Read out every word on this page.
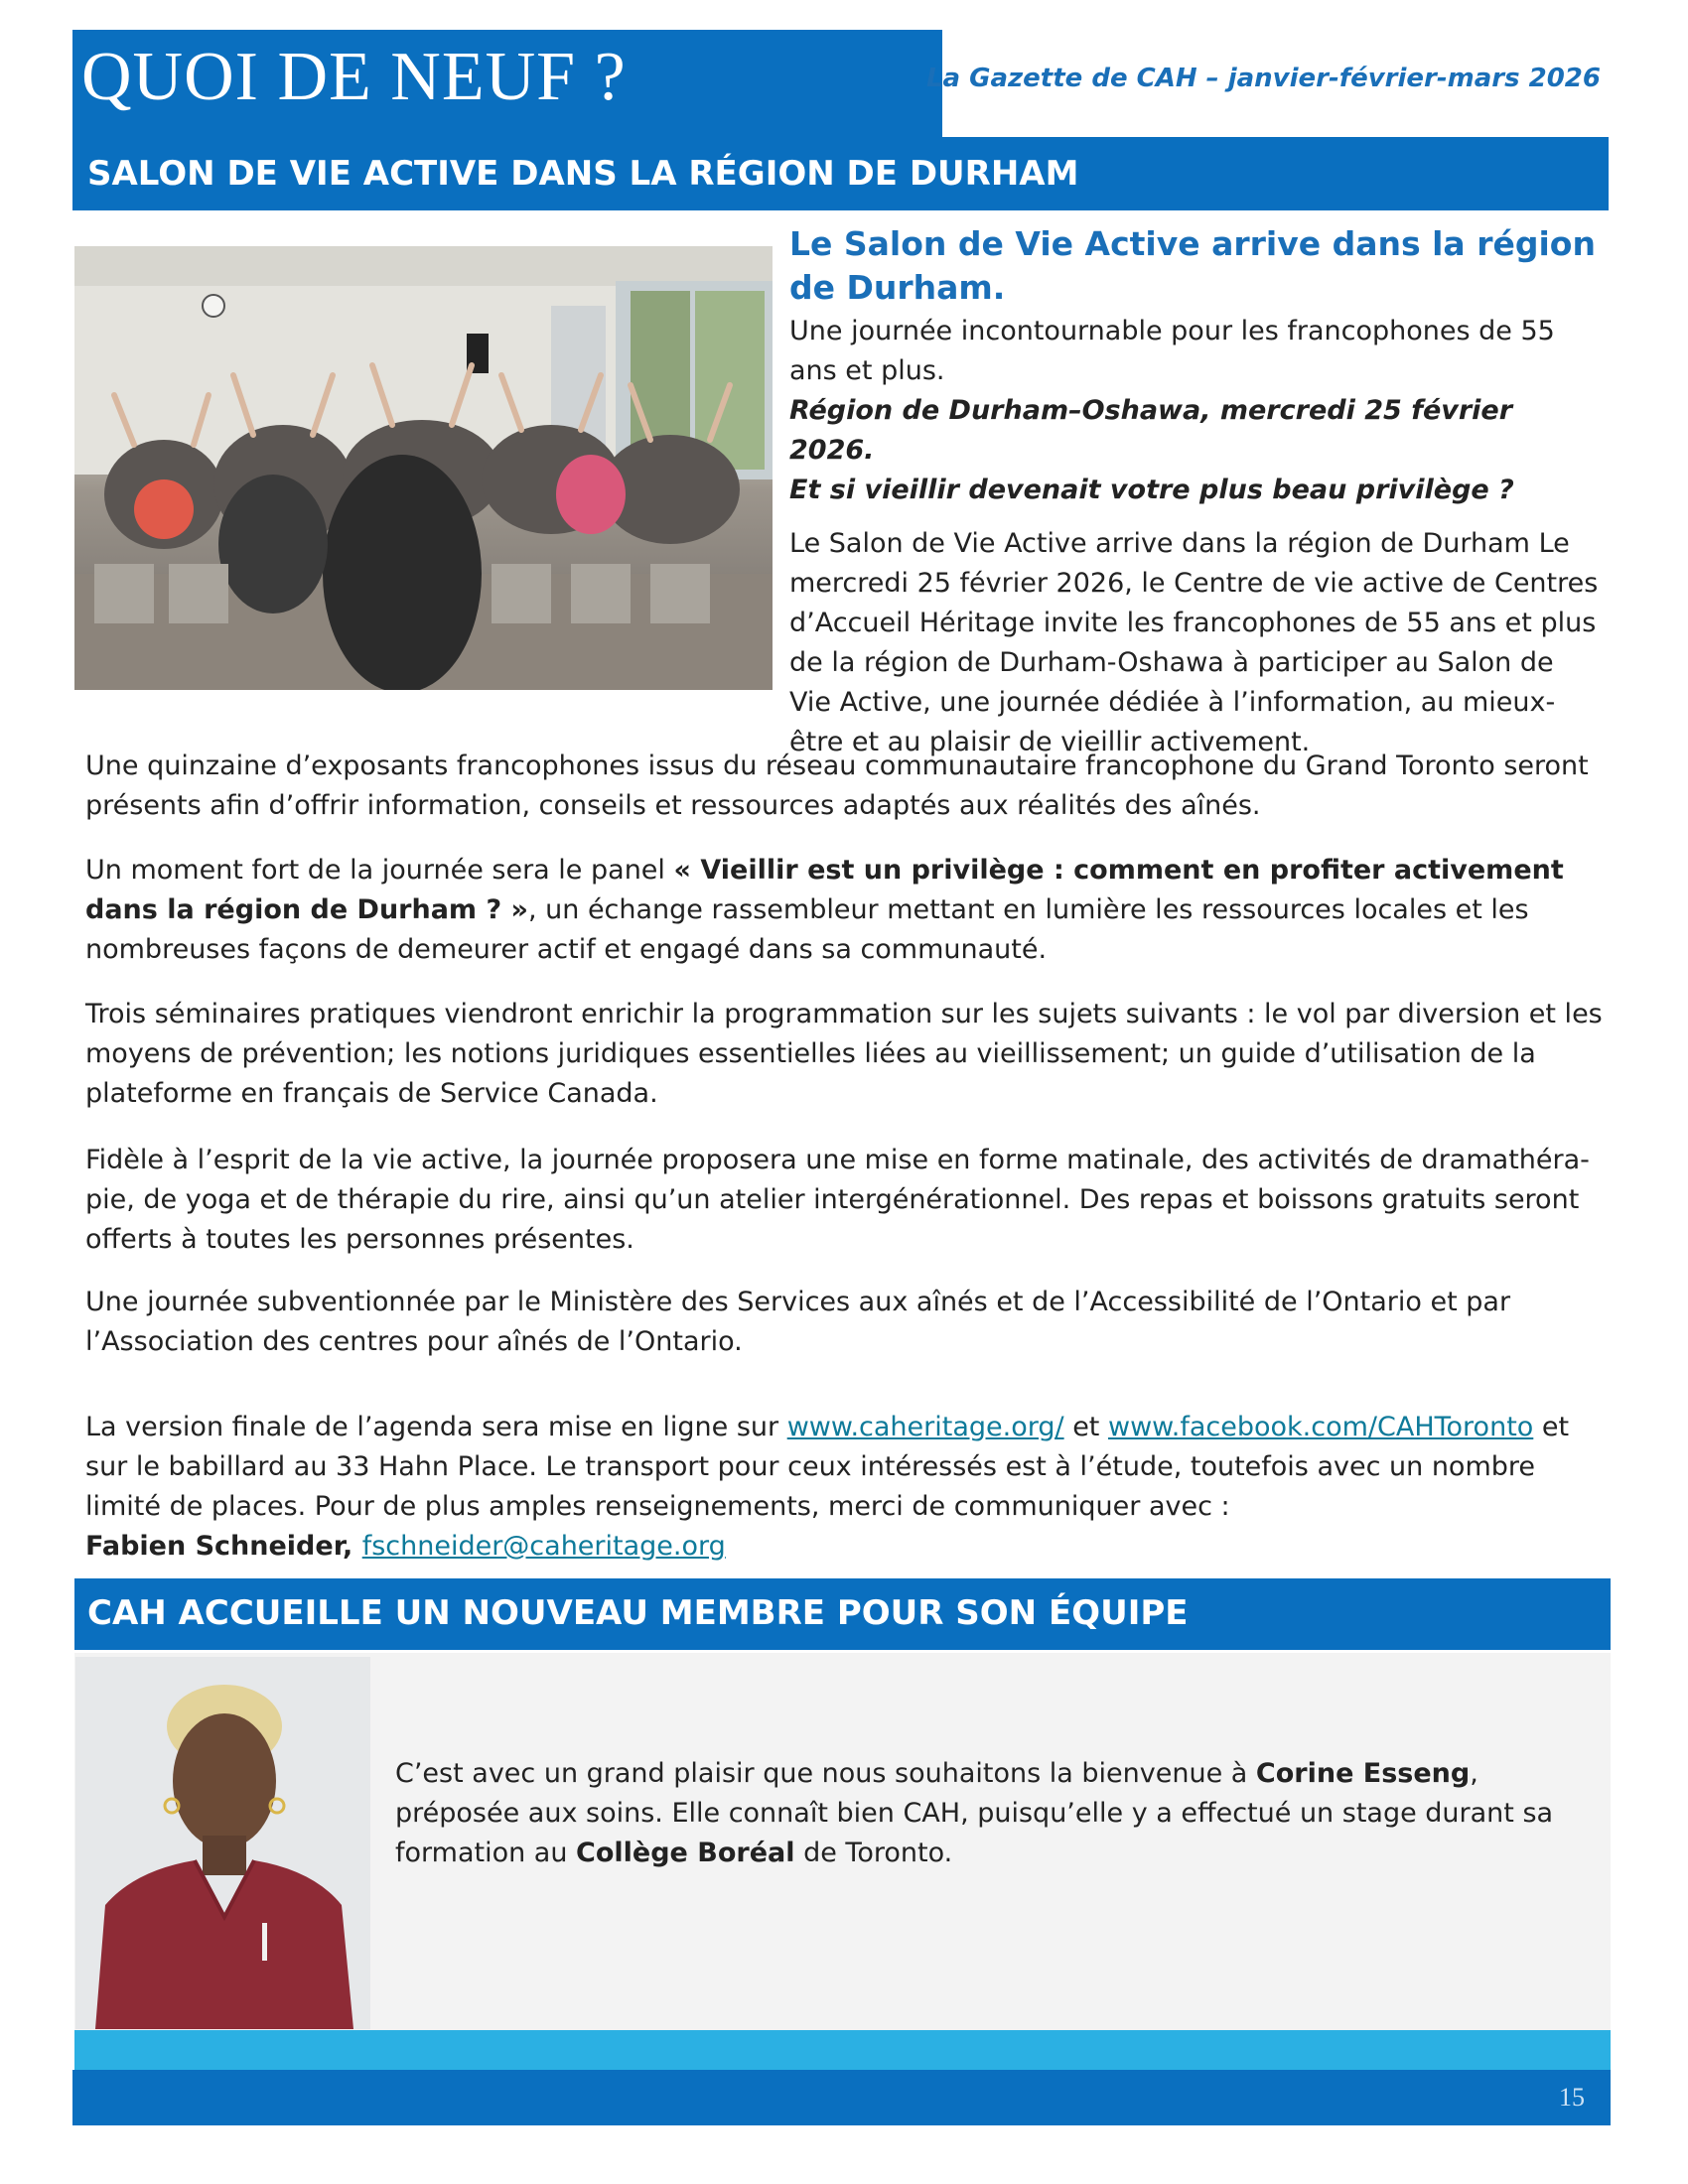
QUOI DE NEUF ?	La Gazette de CAH – janvier-février-mars 2026
SALON DE VIE ACTIVE DANS LA RÉGION DE DURHAM
Le Salon de Vie Active arrive dans la région de Durham.

Une journée incontournable pour les francophones de 55 ans et plus.

Région de Durham–Oshawa, mercredi 25 février 2026.

Et si vieillir devenait votre plus beau privilège ?

Le Salon de Vie Active arrive dans la région de Durham Le mercredi 25 février 2026, le Centre de vie active de Centres d’Accueil Héritage invite les francophones de 55 ans et plus de la région de Durham-Oshawa à participer au Salon de Vie Active, une journée dédiée à l’information, au mieux-être et au plaisir de vieillir activement.

Une quinzaine d’exposants francophones issus du réseau communautaire francophone du Grand Toronto seront présents afin d’offrir information, conseils et ressources adaptés aux réalités des aînés.

Un moment fort de la journée sera le panel « Vieillir est un privilège : comment en profiter activement dans la région de Durham ? », un échange rassembleur mettant en lumière les ressources locales et les nombreuses façons de demeurer actif et engagé dans sa communauté.

Trois séminaires pratiques viendront enrichir la programmation sur les sujets suivants : le vol par diversion et les moyens de prévention; les notions juridiques essentielles liées au vieillissement; un guide d’utilisation de la plateforme en français de Service Canada.

Fidèle à l’esprit de la vie active, la journée proposera une mise en forme matinale, des activités de dramathéra-pie, de yoga et de thérapie du rire, ainsi qu’un atelier intergénérationnel. Des repas et boissons gratuits seront offerts à toutes les personnes présentes.

Une journée subventionnée par le Ministère des Services aux aînés et de l’Accessibilité de l’Ontario et par l’Association des centres pour aînés de l’Ontario.

La version finale de l’agenda sera mise en ligne sur www.caheritage.org/ et www.facebook.com/CAHToronto et sur le babillard au 33 Hahn Place. Le transport pour ceux intéressés est à l’étude, toutefois avec un nombre limité de places. Pour de plus amples renseignements, merci de communiquer avec :

Fabien Schneider, fschneider@caheritage.org

CAH ACCUEILLE UN NOUVEAU MEMBRE POUR SON ÉQUIPE
C’est avec un grand plaisir que nous souhaitons la bienvenue à Corine Esseng, préposée aux soins. Elle connaît bien CAH, puisqu’elle y a effectué un stage durant sa formation au Collège Boréal de Toronto.
15
